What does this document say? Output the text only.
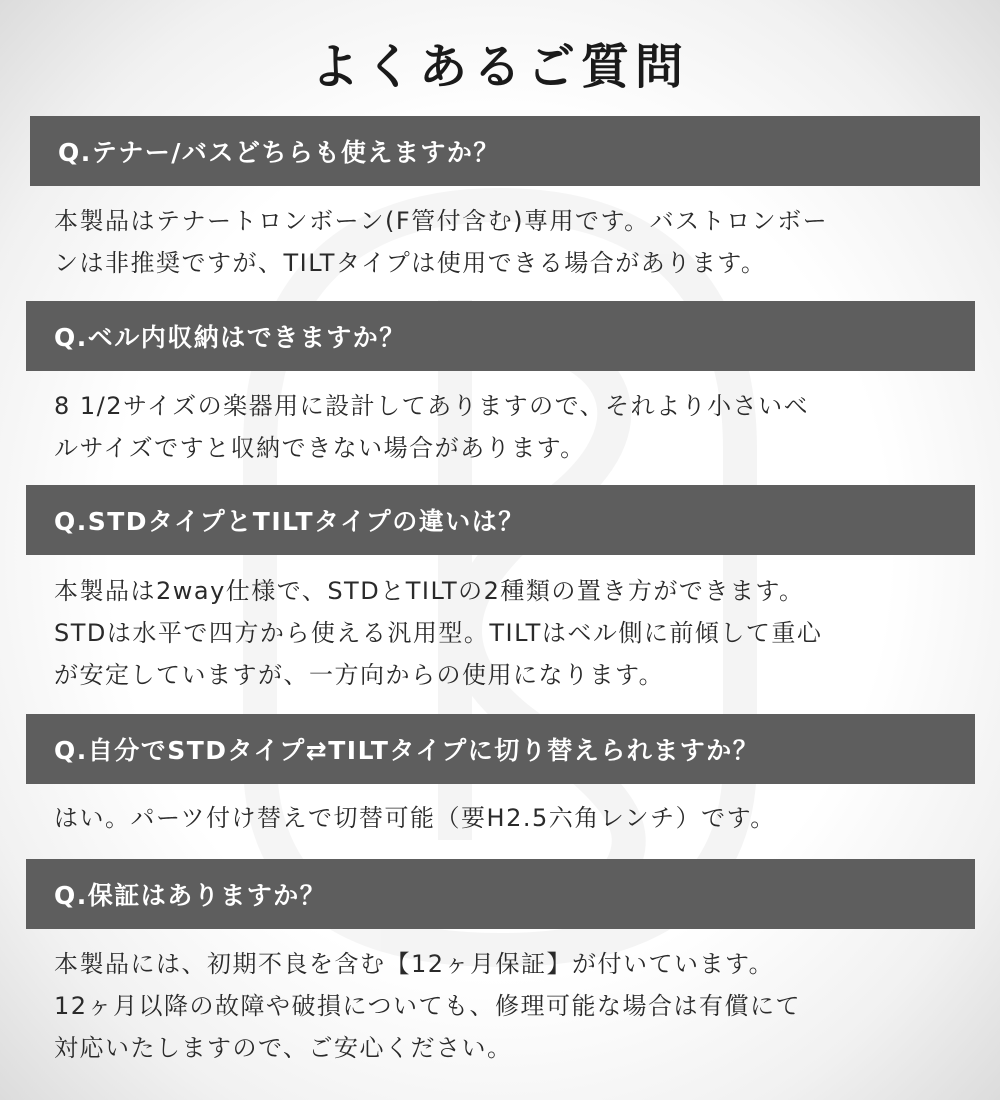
よくあるご質問
Q.テナー/バスどちらも使えますか？
本製品はテナートロンボーン(F管付含む)専用です。バストロンボー
ンは非推奨ですが、TILTタイプは使用できる場合があります。
Q.ベル内収納はできますか？
8 1/2サイズの楽器用に設計してありますので、それより小さいベ
ルサイズですと収納できない場合があります。
Q.STDタイプとTILTタイプの違いは？
本製品は2way仕様で、STDとTILTの2種類の置き方ができます。
STDは水平で四方から使える汎用型。TILTはベル側に前傾して重心
が安定していますが、一方向からの使用になります。
Q.自分でSTDタイプ⇄TILTタイプに切り替えられますか？
はい。パーツ付け替えで切替可能（要H2.5六角レンチ）です。
Q.保証はありますか？
本製品には、初期不良を含む【12ヶ月保証】が付いています。
12ヶ月以降の故障や破損についても、修理可能な場合は有償にて
対応いたしますので、ご安心ください。
